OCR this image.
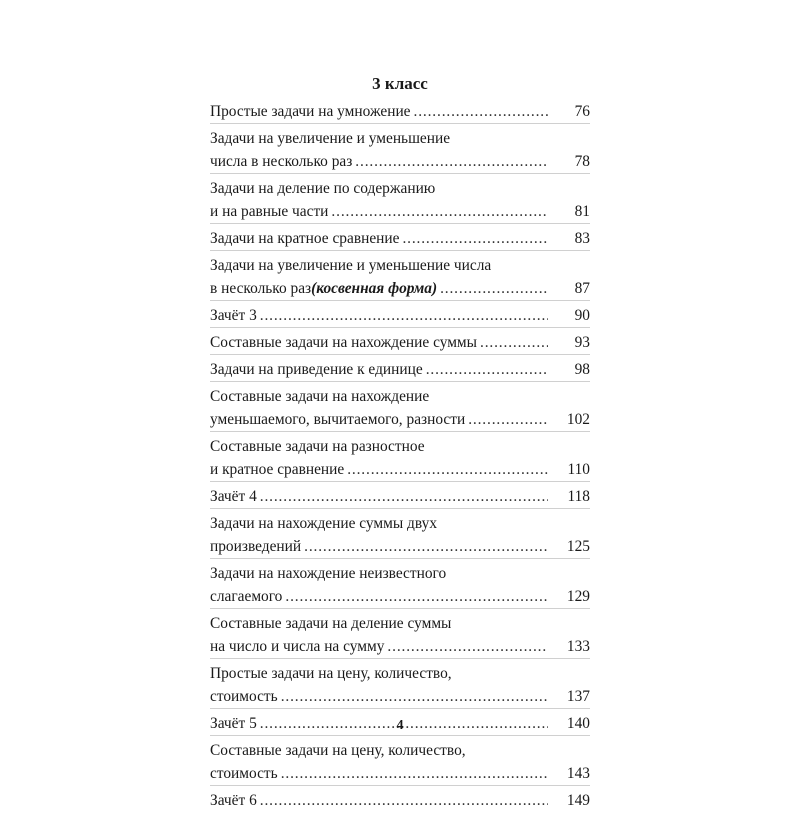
3 класс
Простые задачи на умножение . . .	76
Задачи на увеличение и уменьшение
числа в несколько раз . . .	78
Задачи на деление по содержанию
и на равные части . . .	81
Задачи на кратное сравнение . . .	83
Задачи на увеличение и уменьшение числа
в несколько раз (косвенная форма) . . .	87
Зачёт 3 . . .	90
Составные задачи на нахождение суммы . . .	93
Задачи на приведение к единице . . .	98
Составные задачи на нахождение
уменьшаемого, вычитаемого, разности . . .	102
Составные задачи на разностное
и кратное сравнение . . .	110
Зачёт 4 . . .	118
Задачи на нахождение суммы двух
произведений . . .	125
Задачи на нахождение неизвестного
слагаемого . . .	129
Составные задачи на деление суммы
на число и числа на сумму . . .	133
Простые задачи на цену, количество,
стоимость . . .	137
Зачёт 5 . . .	140
Составные задачи на цену, количество,
стоимость . . .	143
Зачёт 6 . . .	149
4
